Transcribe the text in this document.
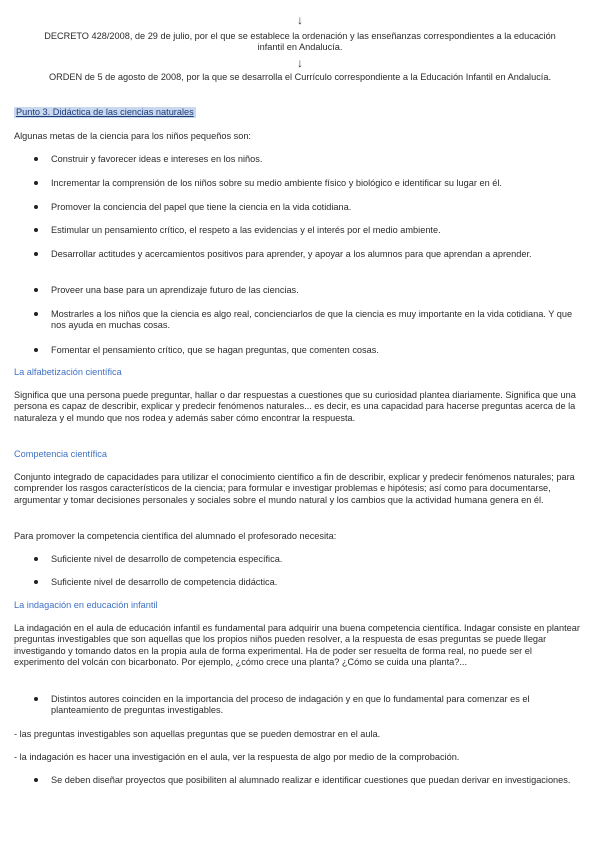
↓
DECRETO 428/2008, de 29 de julio, por el que se establece la ordenación y las enseñanzas correspondientes a la educación infantil en Andalucía.
↓
ORDEN de 5 de agosto de 2008, por la que se desarrolla el Currículo correspondiente a la Educación Infantil en Andalucía.
Punto 3. Didáctica de las ciencias naturales
Algunas metas de la ciencia para los niños pequeños son:
Construir y favorecer ideas e intereses en los niños.
Incrementar la comprensión de los niños sobre su medio ambiente físico y biológico e identificar su lugar en él.
Promover la conciencia del papel que tiene la ciencia en la vida cotidiana.
Estimular un pensamiento crítico, el respeto a las evidencias y el interés por el medio ambiente.
Desarrollar actitudes y acercamientos positivos para aprender, y apoyar a los alumnos para que aprendan a aprender.
Proveer una base para un aprendizaje futuro de las ciencias.
Mostrarles a los niños que la ciencia es algo real, concienciarlos de que la ciencia es muy importante en la vida cotidiana. Y que nos ayuda en muchas cosas.
Fomentar el pensamiento crítico, que se hagan preguntas, que comenten cosas.
La alfabetización científica
Significa que una persona puede preguntar, hallar o dar respuestas a cuestiones que su curiosidad plantea diariamente. Significa que una persona es capaz de describir, explicar y predecir fenómenos naturales... es decir, es una capacidad para hacerse preguntas acerca de la naturaleza y el mundo que nos rodea y además saber cómo encontrar la respuesta.
Competencia científica
Conjunto integrado de capacidades para utilizar el conocimiento científico a fin de describir, explicar y predecir fenómenos naturales; para comprender los rasgos característicos de la ciencia; para formular e investigar problemas e hipótesis; así como para documentarse, argumentar y tomar decisiones personales y sociales sobre el mundo natural y los cambios que la actividad humana genera en él.
Para promover la competencia científica del alumnado el profesorado necesita:
Suficiente nivel de desarrollo de competencia específica.
Suficiente nivel de desarrollo de competencia didáctica.
La indagación en educación infantil
La indagación en el aula de educación infantil es fundamental para adquirir una buena competencia científica. Indagar consiste en plantear preguntas investigables que son aquellas que los propios niños pueden resolver, a la respuesta de esas preguntas se puede llegar investigando y tomando datos en la propia aula de forma experimental. Ha de poder ser resuelta de forma real, no puede ser el experimento del volcán con bicarbonato. Por ejemplo, ¿cómo crece una planta? ¿Cómo se cuida una planta?...
Distintos autores coinciden en la importancia del proceso de indagación y en que lo fundamental para comenzar es el planteamiento de preguntas investigables.
- las preguntas investigables son aquellas preguntas que se pueden demostrar en el aula.
- la indagación es hacer una investigación en el aula, ver la respuesta de algo por medio de la comprobación.
Se deben diseñar proyectos que posibiliten al alumnado realizar e identificar cuestiones que puedan derivar en investigaciones.
